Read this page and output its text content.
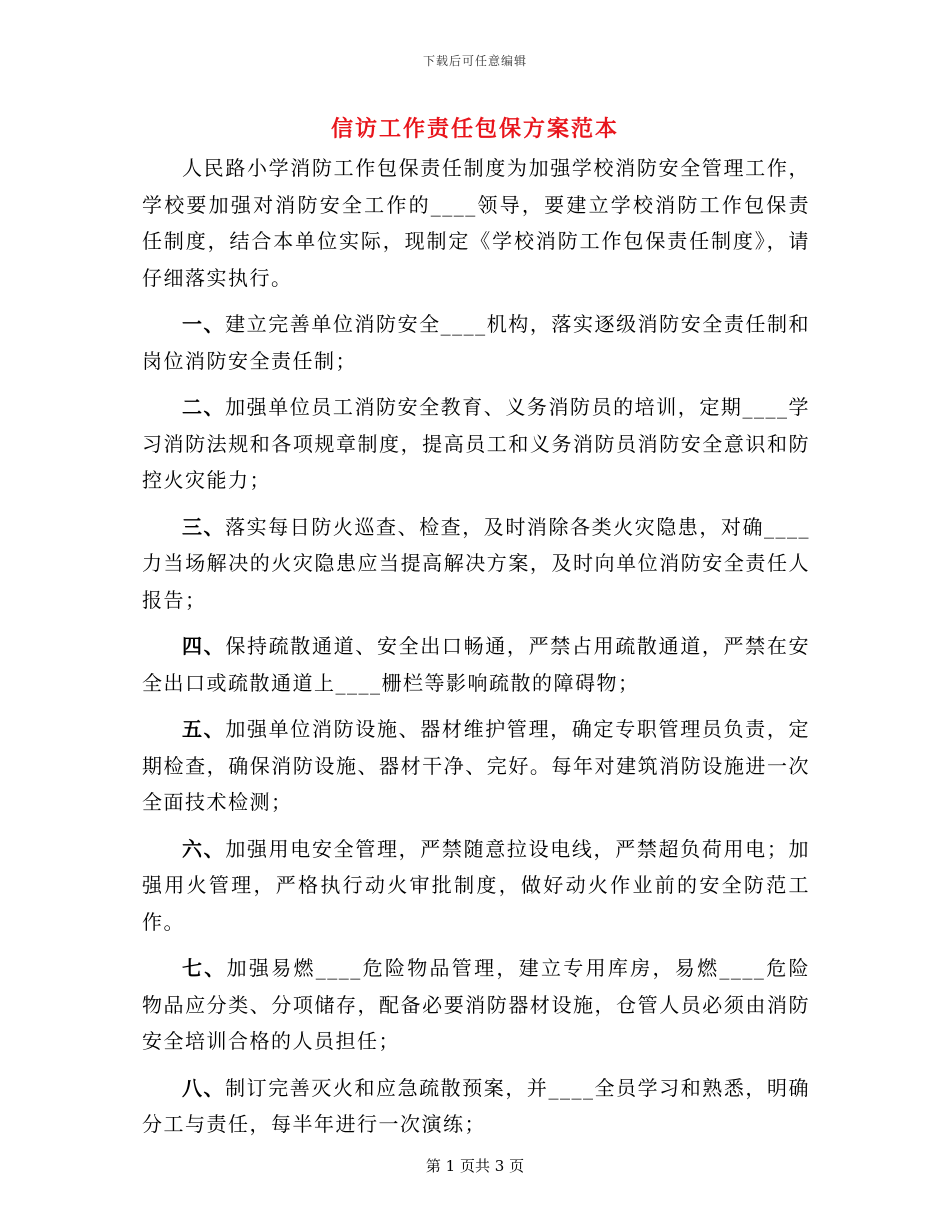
下载后可任意编辑
信访工作责任包保方案范本

人民路小学消防工作包保责任制度为加强学校消防安全管理工作，学校要加强对消防安全工作的____领导，要建立学校消防工作包保责任制度，结合本单位实际，现制定《学校消防工作包保责任制度》，请仔细落实执行。

一、建立完善单位消防安全____机构，落实逐级消防安全责任制和岗位消防安全责任制；

二、加强单位员工消防安全教育、义务消防员的培训，定期____学习消防法规和各项规章制度，提高员工和义务消防员消防安全意识和防控火灾能力；

三、落实每日防火巡查、检查，及时消除各类火灾隐患，对确____力当场解决的火灾隐患应当提高解决方案，及时向单位消防安全责任人报告；

四、保持疏散通道、安全出口畅通，严禁占用疏散通道，严禁在安全出口或疏散通道上____栅栏等影响疏散的障碍物；

五、加强单位消防设施、器材维护管理，确定专职管理员负责，定期检查，确保消防设施、器材干净、完好。每年对建筑消防设施进一次全面技术检测；

六、加强用电安全管理，严禁随意拉设电线，严禁超负荷用电；加强用火管理，严格执行动火审批制度，做好动火作业前的安全防范工作。

七、加强易燃____危险物品管理，建立专用库房，易燃____危险物品应分类、分项储存，配备必要消防器材设施，仓管人员必须由消防安全培训合格的人员担任；

八、制订完善灭火和应急疏散预案，并____全员学习和熟悉，明确分工与责任，每半年进行一次演练；

第 1 页共 3 页
